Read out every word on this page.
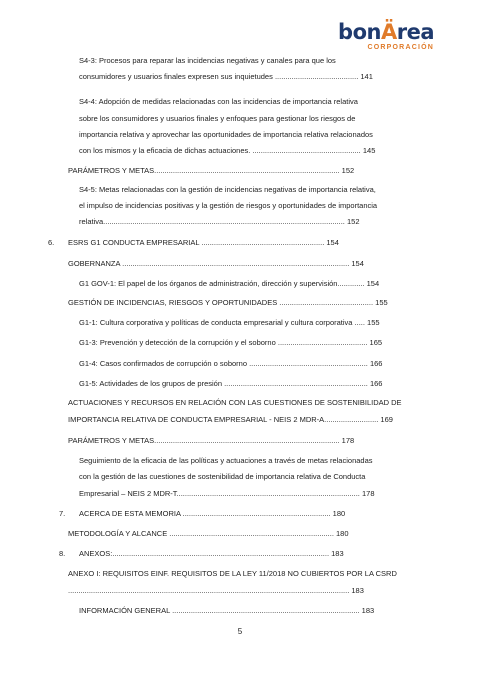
bonÄrea
CORPORACIÓN
S4-3: Procesos para reparar las incidencias negativas y canales para que los
consumidores y usuarios finales expresen sus inquietudes ........................................ 141
S4-4: Adopción de medidas relacionadas con las incidencias de importancia relativa
sobre los consumidores y usuarios finales y enfoques para gestionar los riesgos de
importancia relativa y aprovechar las oportunidades de importancia relativa relacionados
con los mismos y la eficacia de dichas actuaciones. .................................................... 145
PARÁMETROS Y METAS......................................................................................... 152
S4-5: Metas relacionadas con la gestión de incidencias negativas de importancia relativa,
el impulso de incidencias positivas y la gestión de riesgos y oportunidades de importancia
relativa.................................................................................................................... 152
6. ESRS G1 CONDUCTA EMPRESARIAL ........................................................... 154
GOBERNANZA ............................................................................................................. 154
G1 GOV-1: El papel de los órganos de administración, dirección y supervisión............. 154
GESTIÓN DE INCIDENCIAS, RIESGOS Y OPORTUNIDADES ............................................. 155
G1-1: Cultura corporativa y políticas de conducta empresarial y cultura corporativa ..... 155
G1-3: Prevención y detección de la corrupción y el soborno ........................................... 165
G1-4: Casos confirmados de corrupción o soborno ......................................................... 166
G1-5: Actividades de los grupos de presión ..................................................................... 166
ACTUACIONES Y RECURSOS EN RELACIÓN CON LAS CUESTIONES DE SOSTENIBILIDAD DE
IMPORTANCIA RELATIVA DE CONDUCTA EMPRESARIAL - NEIS 2 MDR-A.......................... 169
PARÁMETROS Y METAS......................................................................................... 178
Seguimiento de la eficacia de las políticas y actuaciones a través de metas relacionadas
con la gestión de las cuestiones de sostenibilidad de importancia relativa de Conducta
Empresarial – NEIS 2 MDR-T........................................................................................ 178
7. ACERCA DE ESTA MEMORIA ....................................................................... 180
METODOLOGÍA Y ALCANCE ............................................................................... 180
8. ANEXOS:........................................................................................................ 183
ANEXO I: REQUISITOS EINF. REQUISITOS DE LA LEY 11/2018 NO CUBIERTOS POR LA CSRD
....................................................................................................................................... 183
INFORMACIÓN GENERAL .......................................................................................... 183
5
